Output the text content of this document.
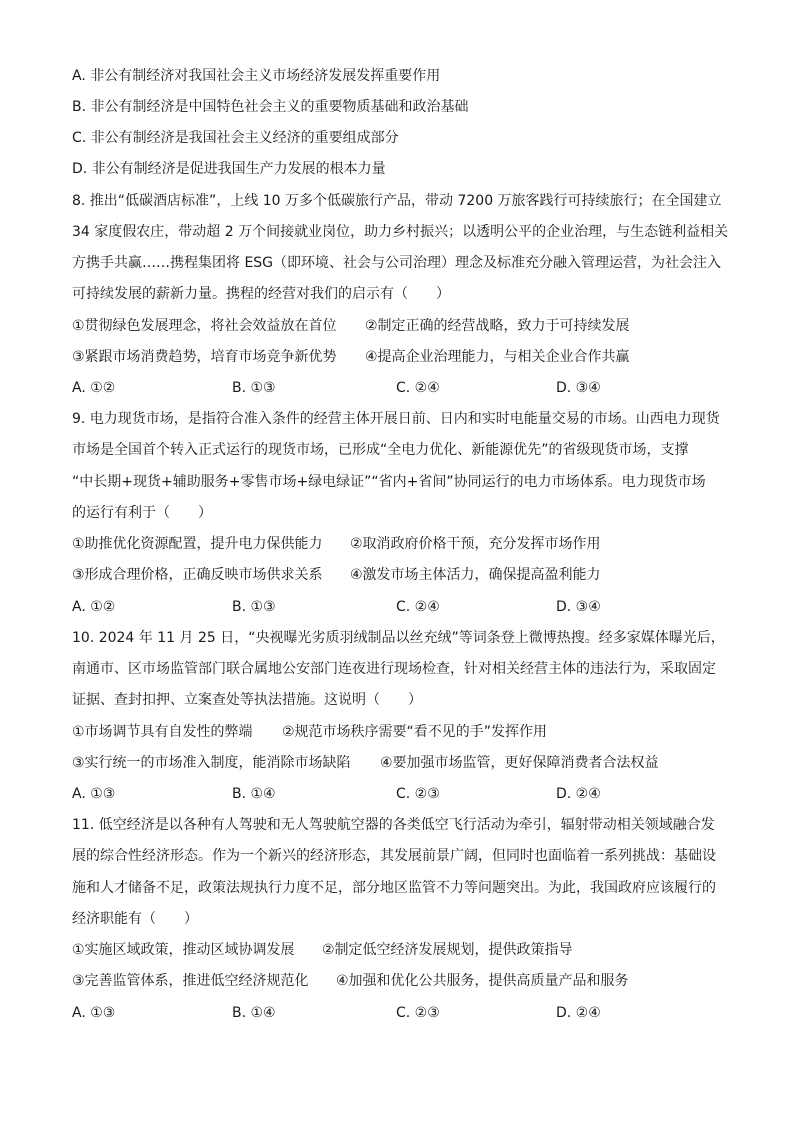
A. 非公有制经济对我国社会主义市场经济发展发挥重要作用
B. 非公有制经济是中国特色社会主义的重要物质基础和政治基础
C. 非公有制经济是我国社会主义经济的重要组成部分
D. 非公有制经济是促进我国生产力发展的根本力量
8. 推出“低碳酒店标准”，上线 10 万多个低碳旅行产品，带动 7200 万旅客践行可持续旅行；在全国建立
34 家度假农庄，带动超 2 万个间接就业岗位，助力乡村振兴；以透明公平的企业治理，与生态链利益相关
方携手共赢……携程集团将 ESG（即环境、社会与公司治理）理念及标准充分融入管理运营，为社会注入
可持续发展的薪新力量。携程的经营对我们的启示有（　　）
①贯彻绿色发展理念，将社会效益放在首位 ②制定正确的经营战略，致力于可持续发展
③紧跟市场消费趋势，培育市场竞争新优势 ④提高企业治理能力，与相关企业合作共赢
A. ①②	B. ①③	C. ②④	D. ③④
9. 电力现货市场，是指符合准入条件的经营主体开展日前、日内和实时电能量交易的市场。山西电力现货
市场是全国首个转入正式运行的现货市场，已形成“全电力优化、新能源优先”的省级现货市场，支撑
“中长期+现货+辅助服务+零售市场+绿电绿证”“省内+省间”协同运行的电力市场体系。电力现货市场
的运行有利于（　　）
①助推优化资源配置，提升电力保供能力 ②取消政府价格干预，充分发挥市场作用
③形成合理价格，正确反映市场供求关系 ④激发市场主体活力，确保提高盈利能力
A. ①②	B. ①③	C. ②④	D. ③④
10. 2024 年 11 月 25 日，“央视曝光劣质羽绒制品以丝充绒”等词条登上微博热搜。经多家媒体曝光后，
南通市、区市场监管部门联合属地公安部门连夜进行现场检查，针对相关经营主体的违法行为，采取固定
证据、查封扣押、立案查处等执法措施。这说明（　　）
①市场调节具有自发性的弊端 ②规范市场秩序需要“看不见的手”发挥作用
③实行统一的市场准入制度，能消除市场缺陷 ④要加强市场监管，更好保障消费者合法权益
A. ①③	B. ①④	C. ②③	D. ②④
11. 低空经济是以各种有人驾驶和无人驾驶航空器的各类低空飞行活动为牵引，辐射带动相关领域融合发
展的综合性经济形态。作为一个新兴的经济形态，其发展前景广阔，但同时也面临着一系列挑战：基础设
施和人才储备不足，政策法规执行力度不足，部分地区监管不力等问题突出。为此，我国政府应该履行的
经济职能有（　　）
①实施区域政策，推动区域协调发展 ②制定低空经济发展规划，提供政策指导
③完善监管体系，推进低空经济规范化 ④加强和优化公共服务，提供高质量产品和服务
A. ①③	B. ①④	C. ②③	D. ②④
